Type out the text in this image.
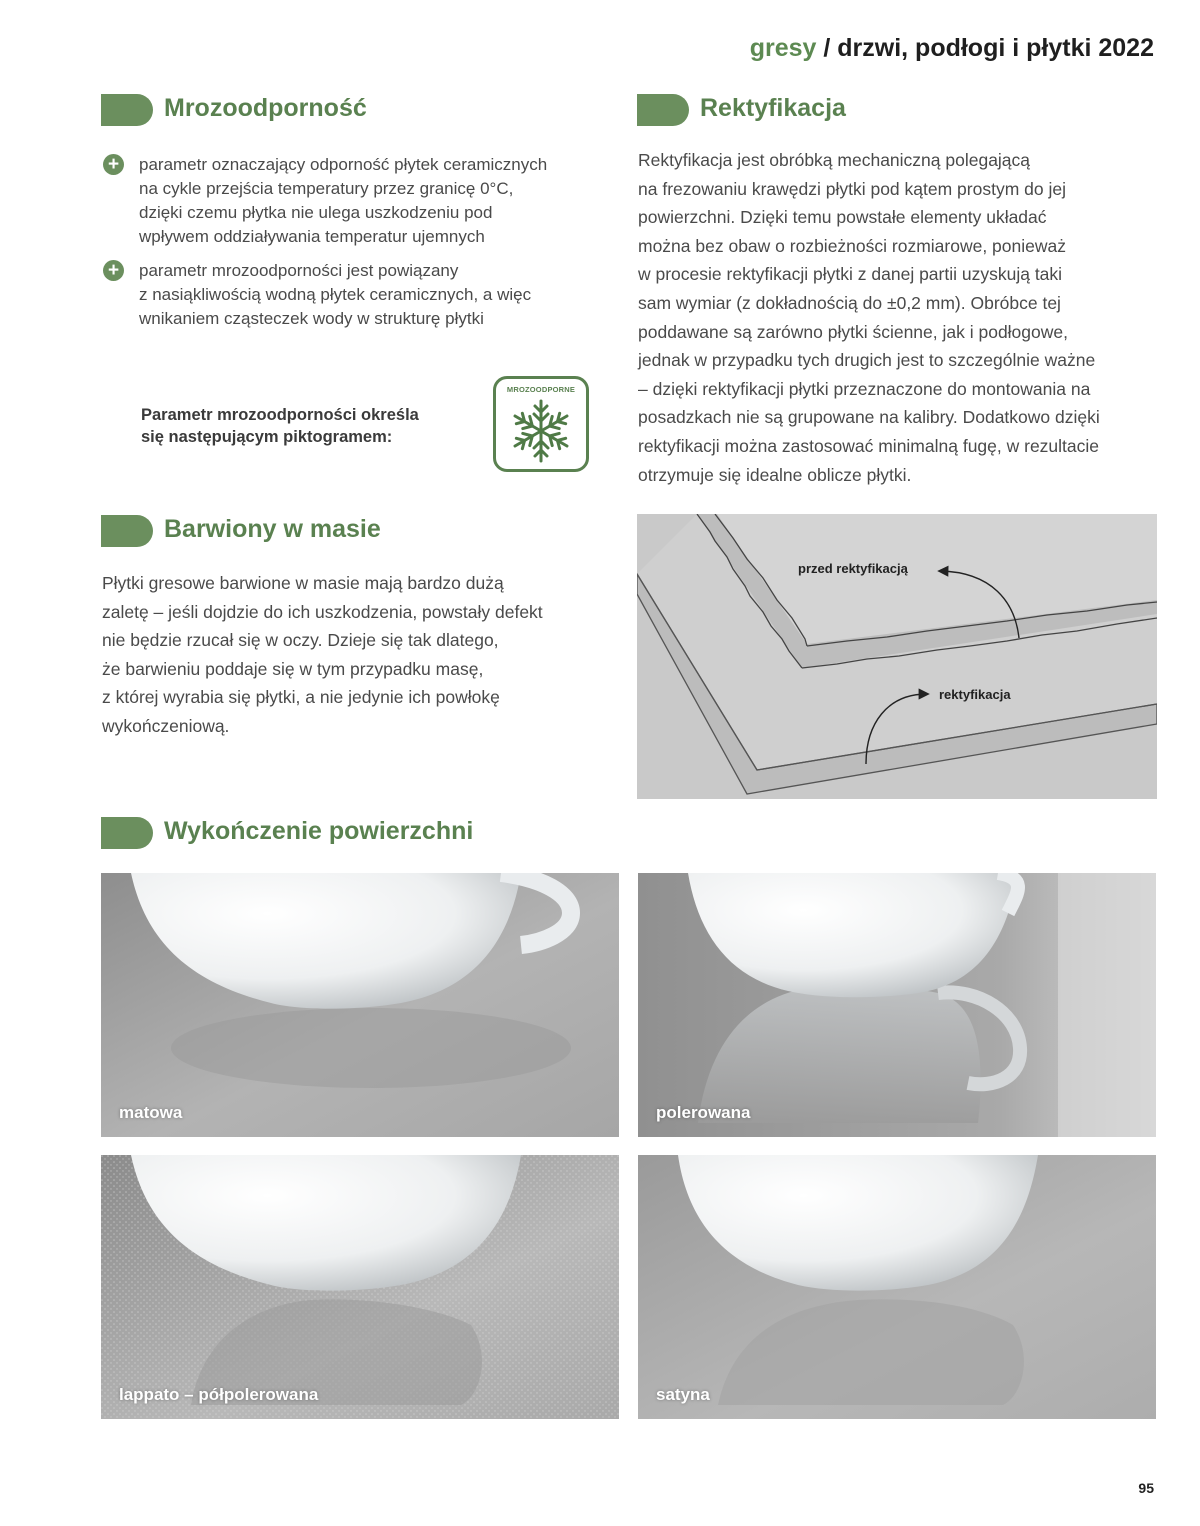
gresy / drzwi, podłogi i płytki 2022
Mrozoodporność
+ parametr oznaczający odporność płytek ceramicznych
na cykle przejścia temperatury przez granicę 0°C,
dzięki czemu płytka nie ulega uszkodzeniu pod
wpływem oddziaływania temperatur ujemnych
+ parametr mrozoodporności jest powiązany
z nasiąkliwością wodną płytek ceramicznych, a więc
wnikaniem cząsteczek wody w strukturę płytki
Parametr mrozoodporności określa
się następującym piktogramem:
MROZOODPORNE
Rektyfikacja
Rektyfikacja jest obróbką mechaniczną polegającą
na frezowaniu krawędzi płytki pod kątem prostym do jej
powierzchni. Dzięki temu powstałe elementy układać
można bez obaw o rozbieżności rozmiarowe, ponieważ
w procesie rektyfikacji płytki z danej partii uzyskują taki
sam wymiar (z dokładnością do ±0,2 mm). Obróbce tej
poddawane są zarówno płytki ścienne, jak i podłogowe,
jednak w przypadku tych drugich jest to szczególnie ważne
– dzięki rektyfikacji płytki przeznaczone do montowania na
posadzkach nie są grupowane na kalibry. Dodatkowo dzięki
rektyfikacji można zastosować minimalną fugę, w rezultacie
otrzymuje się idealne oblicze płytki.
przed rektyfikacją
rektyfikacja
Barwiony w masie
Płytki gresowe barwione w masie mają bardzo dużą
zaletę – jeśli dojdzie do ich uszkodzenia, powstały defekt
nie będzie rzucał się w oczy. Dzieje się tak dlatego,
że barwieniu poddaje się w tym przypadku masę,
z której wyrabia się płytki, a nie jedynie ich powłokę
wykończeniową.
Wykończenie powierzchni
matowa	polerowana
lappato – półpolerowana	satyna
95
